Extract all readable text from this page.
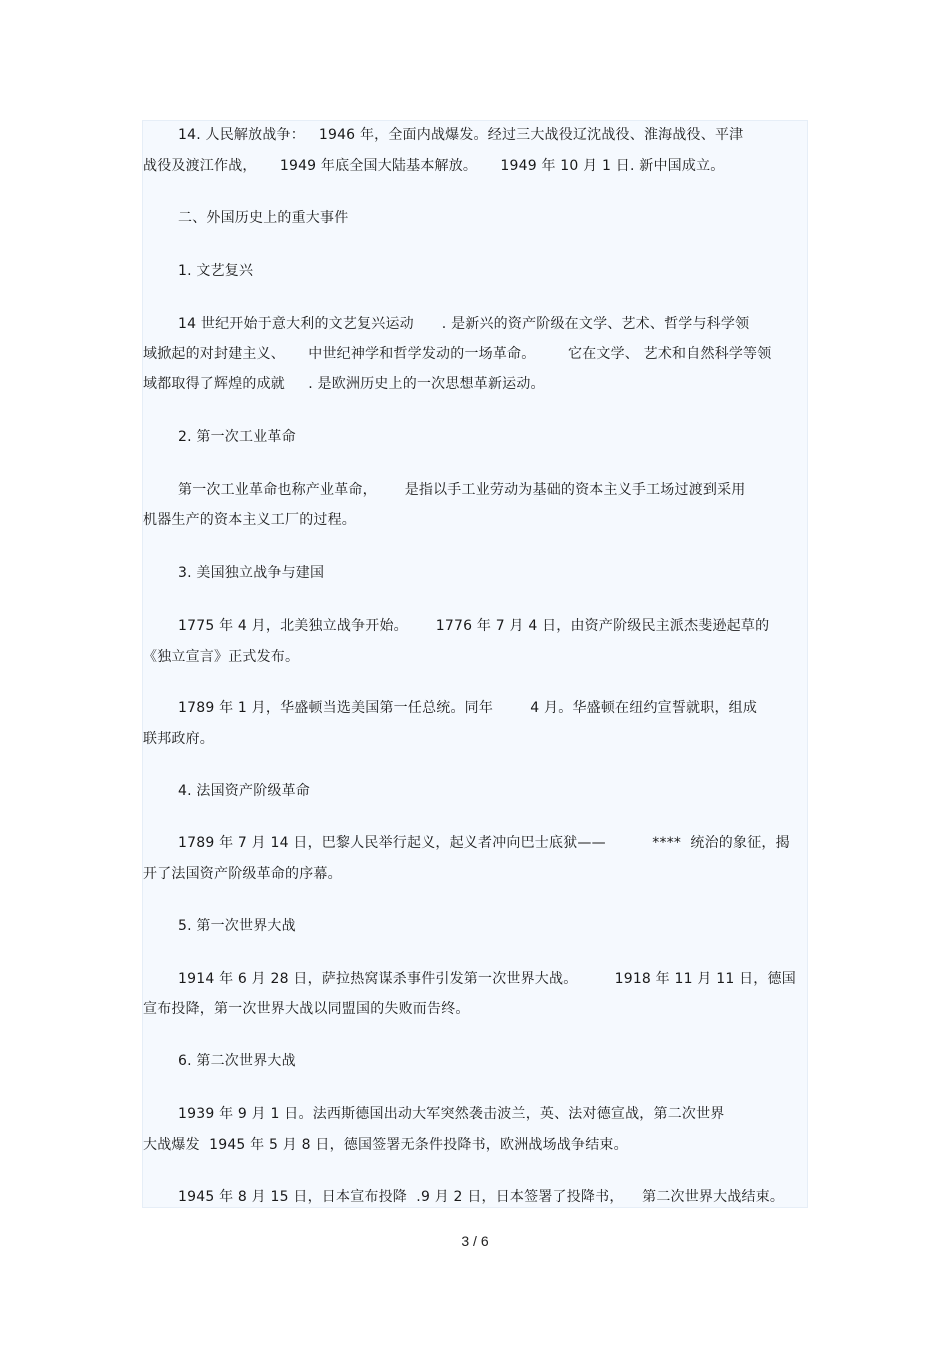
14. 人民解放战争：   1946 年，全面内战爆发。经过三大战役辽沈战役、淮海战役、平津
战役及渡江作战，     1949 年底全国大陆基本解放。     1949 年 10 月 1 日. 新中国成立。
二、外国历史上的重大事件
1. 文艺复兴
14 世纪开始于意大利的文艺复兴运动      . 是新兴的资产阶级在文学、艺术、哲学与科学领
域掀起的对封建主义、     中世纪神学和哲学发动的一场革命。       它在文学、 艺术和自然科学等领
域都取得了辉煌的成就     . 是欧洲历史上的一次思想革新运动。
2. 第一次工业革命
第一次工业革命也称产业革命，      是指以手工业劳动为基础的资本主义手工场过渡到采用
机器生产的资本主义工厂的过程。
3. 美国独立战争与建国
1775 年 4 月，北美独立战争开始。      1776 年 7 月 4 日，由资产阶级民主派杰斐逊起草的
《独立宣言》正式发布。
1789 年 1 月，华盛顿当选美国第一任总统。同年        4 月。华盛顿在纽约宣誓就职，组成
联邦政府。
4. 法国资产阶级革命
1789 年 7 月 14 日，巴黎人民举行起义，起义者冲向巴士底狱——          ****  统治的象征，揭
开了法国资产阶级革命的序幕。
5. 第一次世界大战
1914 年 6 月 28 日，萨拉热窝谋杀事件引发第一次世界大战。        1918 年 11 月 11 日，德国
宣布投降，第一次世界大战以同盟国的失败而告终。
6. 第二次世界大战
1939 年 9 月 1 日。法西斯德国出动大军突然袭击波兰，英、法对德宣战，第二次世界
大战爆发  1945 年 5 月 8 日，德国签署无条件投降书，欧洲战场战争结束。
1945 年 8 月 15 日，日本宣布投降  .9 月 2 日，日本签署了投降书，    第二次世界大战结束。
3 / 6
